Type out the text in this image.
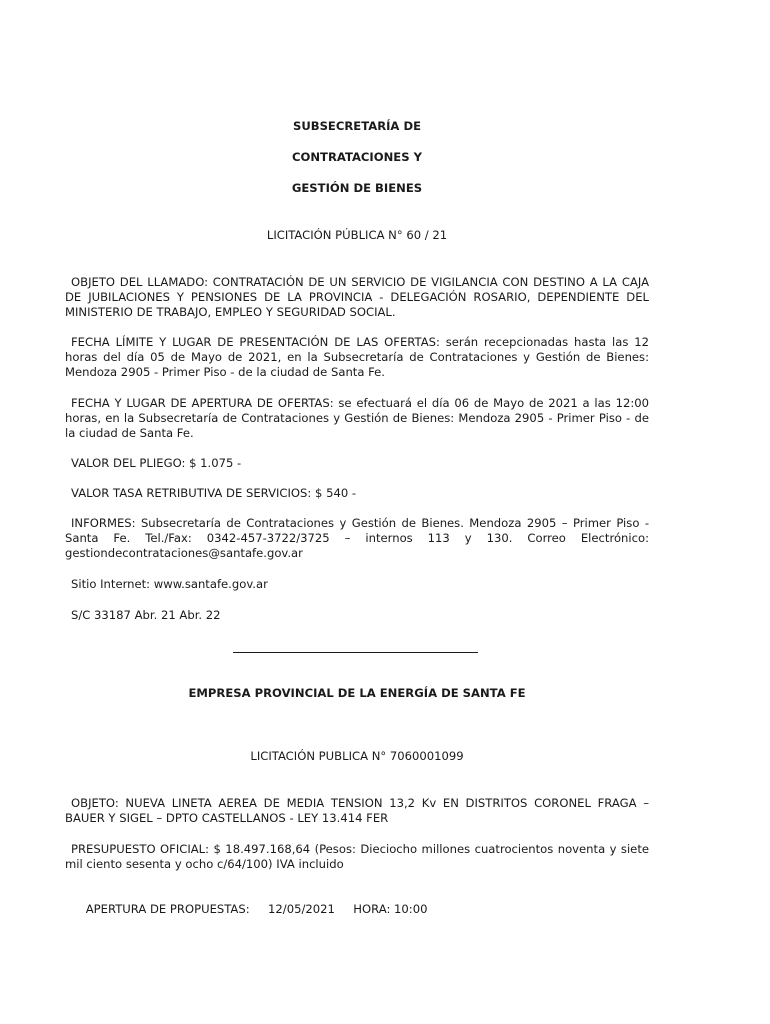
SUBSECRETARÍA DE
CONTRATACIONES Y
GESTIÓN DE BIENES
LICITACIÓN PÚBLICA N° 60 / 21
OBJETO DEL LLAMADO: CONTRATACIÓN DE UN SERVICIO DE VIGILANCIA CON DESTINO A LA CAJA DE JUBILACIONES Y PENSIONES DE LA PROVINCIA - DELEGACIÓN ROSARIO, DEPENDIENTE DEL MINISTERIO DE TRABAJO, EMPLEO Y SEGURIDAD SOCIAL.
FECHA LÍMITE Y LUGAR DE PRESENTACIÓN DE LAS OFERTAS: serán recepcionadas hasta las 12 horas del día 05 de Mayo de 2021, en la Subsecretaría de Contrataciones y Gestión de Bienes: Mendoza 2905 - Primer Piso - de la ciudad de Santa Fe.
FECHA Y LUGAR DE APERTURA DE OFERTAS: se efectuará el día 06 de Mayo de 2021 a las 12:00 horas, en la Subsecretaría de Contrataciones y Gestión de Bienes: Mendoza 2905 - Primer Piso - de la ciudad de Santa Fe.
VALOR DEL PLIEGO: $ 1.075 -
VALOR TASA RETRIBUTIVA DE SERVICIOS: $ 540 -
INFORMES: Subsecretaría de Contrataciones y Gestión de Bienes. Mendoza 2905 – Primer Piso - Santa Fe. Tel./Fax: 0342-457-3722/3725 – internos 113 y 130. Correo Electrónico: gestiondecontrataciones@santafe.gov.ar
Sitio Internet: www.santafe.gov.ar
S/C 33187 Abr. 21 Abr. 22
EMPRESA PROVINCIAL DE LA ENERGÍA DE SANTA FE
LICITACIÓN PUBLICA N° 7060001099
OBJETO: NUEVA LINETA AEREA DE MEDIA TENSION 13,2 Kv EN DISTRITOS CORONEL FRAGA – BAUER Y SIGEL – DPTO CASTELLANOS - LEY 13.414 FER
PRESUPUESTO OFICIAL: $ 18.497.168,64 (Pesos: Dieciocho millones cuatrocientos noventa y siete mil ciento sesenta y ocho c/64/100) IVA incluido

APERTURA DE PROPUESTAS:     12/05/2021     HORA: 10:00
